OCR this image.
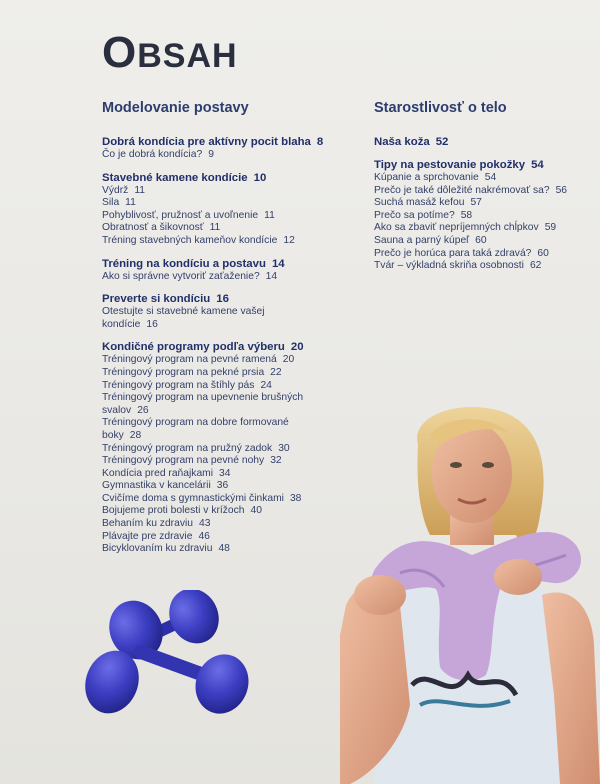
OBSAH
Modelovanie postavy
Dobrá kondícia pre aktívny pocit blaha 8
Čo je dobrá kondícia? 9
Stavebné kamene kondície 10
Výdrž 11
Sila 11
Pohyblivosť, pružnosť a uvoľnenie 11
Obratnosť a šikovnosť 11
Tréning stavebných kameňov kondície 12
Tréning na kondíciu a postavu 14
Ako si správne vytvoriť zaťaženie? 14
Preverte si kondíciu 16
Otestujte si stavebné kamene vašej
kondície 16
Kondičné programy podľa výberu 20
Tréningový program na pevné ramená 20
Tréningový program na pekné prsia 22
Tréningový program na štíhly pás 24
Tréningový program na upevnenie brušných
svalov 26
Tréningový program na dobre formované
boky 28
Tréningový program na pružný zadok 30
Tréningový program na pevné nohy 32
Kondícia pred raňajkami 34
Gymnastika v kancelárii 36
Cvičíme doma s gymnastickými činkami 38
Bojujeme proti bolesti v krížoch 40
Behaním ku zdraviu 43
Plávajte pre zdravie 46
Bicyklovaním ku zdraviu 48
Starostlivosť o telo
Naša koža 52
Tipy na pestovanie pokožky 54
Kúpanie a sprchovanie 54
Prečo je také dôležité nakrémovať sa? 56
Suchá masáž kefou 57
Prečo sa potíme? 58
Ako sa zbaviť nepríjemných chĺpkov 59
Sauna a parný kúpeľ 60
Prečo je horúca para taká zdravá? 60
Tvár – výkladná skriňa osobnosti 62
